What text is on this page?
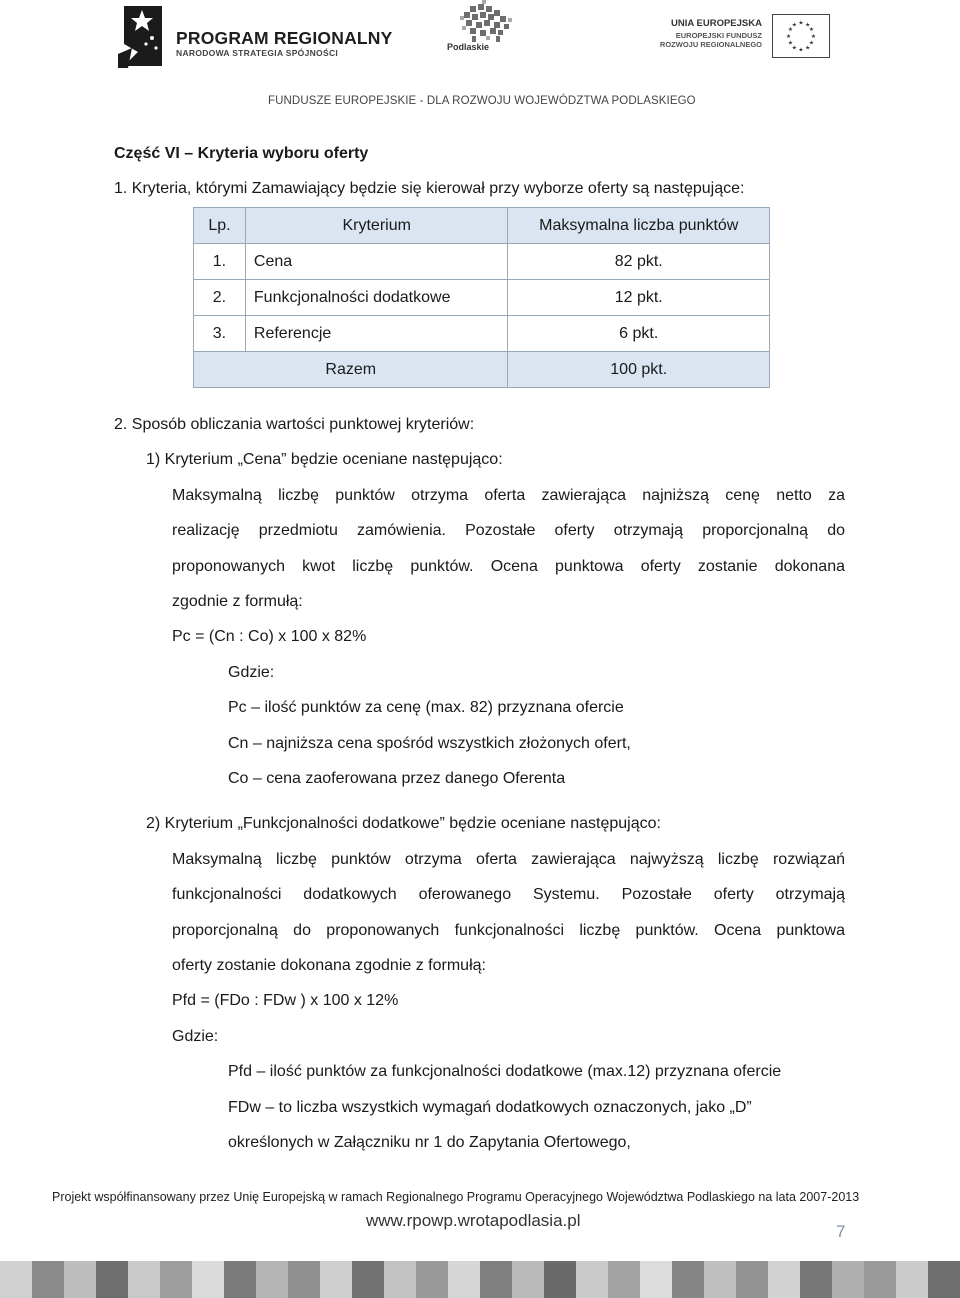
PROGRAM REGIONALNY
NARODOWA STRATEGIA SPÓJNOŚCI
Podlaskie
UNIA EUROPEJSKA
EUROPEJSKI FUNDUSZ
ROZWOJU REGIONALNEGO
★ ★
★
★
★
★
★
★
★
★
★
★
FUNDUSZE EUROPEJSKIE - DLA ROZWOJU WOJEWÓDZTWA PODLASKIEGO
Część VI – Kryteria wyboru oferty
1. Kryteria, którymi Zamawiający będzie się kierował przy wyborze oferty są następujące:
Lp.	Kryterium	Maksymalna liczba punktów
1.	Cena	82 pkt.
2.	Funkcjonalności dodatkowe	12 pkt.
3.	Referencje	6 pkt.
Razem		100 pkt.
2. Sposób obliczania wartości punktowej kryteriów:
1) Kryterium „Cena” będzie oceniane następująco:
Maksymalną liczbę punktów otrzyma oferta zawierająca najniższą cenę netto za
realizację przedmiotu zamówienia. Pozostałe oferty otrzymają proporcjonalną do
proponowanych kwot liczbę punktów. Ocena punktowa oferty zostanie dokonana
zgodnie z formułą:
Pc = (Cn : Co) x 100 x 82%
Gdzie:
Pc – ilość punktów za cenę (max. 82) przyznana ofercie
Cn – najniższa cena spośród wszystkich złożonych ofert,
Co – cena zaoferowana przez danego Oferenta
2) Kryterium „Funkcjonalności dodatkowe” będzie oceniane następująco:
Maksymalną liczbę punktów otrzyma oferta zawierająca najwyższą liczbę rozwiązań
funkcjonalności dodatkowych oferowanego Systemu. Pozostałe oferty otrzymają
proporcjonalną do proponowanych funkcjonalności liczbę punktów. Ocena punktowa
oferty zostanie dokonana zgodnie z formułą:
Pfd = (FDo : FDw ) x 100 x 12%
Gdzie:
Pfd – ilość punktów za funkcjonalności dodatkowe (max.12) przyznana ofercie
FDw – to liczba wszystkich wymagań dodatkowych oznaczonych, jako „D”
określonych w Załączniku nr 1 do Zapytania Ofertowego,
Projekt współfinansowany przez Unię Europejską w ramach Regionalnego Programu Operacyjnego Województwa Podlaskiego na lata 2007-2013
www.rpowp.wrotapodlasia.pl
7
